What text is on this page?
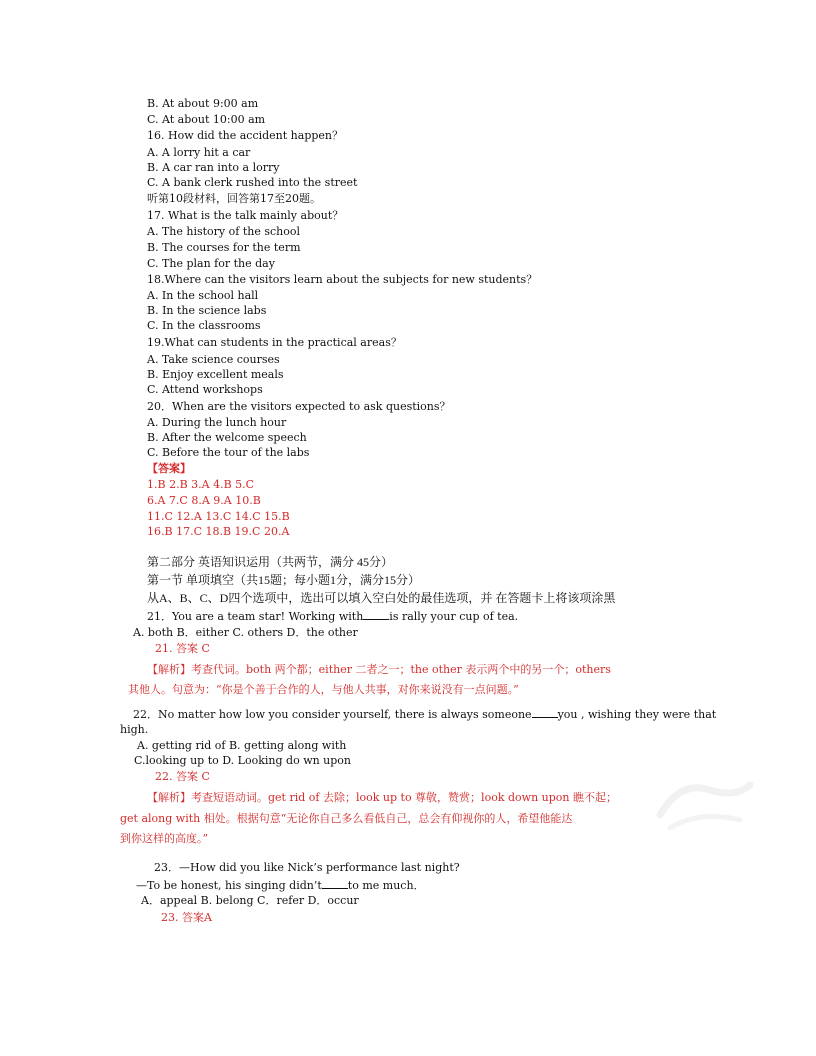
B. At about 9:00 am
C. At about 10:00 am
16. How did the accident happen？
A. A lorry hit a car
B. A car ran into a lorry
C. A bank clerk rushed into the street
听第10段材料，回答第17至20题。
17. What is the talk mainly about？
A. The history of the school
B. The courses for the term
C. The plan for the day
18.Where can the visitors learn about the subjects for new students？
A. In the school hall
B. In the science labs
C. In the classrooms
19.What can students in the practical areas？
A. Take science courses
B. Enjoy excellent meals
C. Attend workshops
20．When are the visitors expected to ask questions？
A. During the lunch hour
B. After the welcome speech
C. Before the tour of the labs
【答案】
1.B 2.B 3.A 4.B 5.C
6.A 7.C 8.A 9.A 10.B
11.C 12.A 13.C 14.C 15.B
16.B 17.C 18.B 19.C 20.A
第二部分 英语知识运用（共两节，满分 45分）
第一节 单项填空（共15题；每小题1分，满分15分）
从A、B、C、D四个选项中，选出可以填入空白处的最佳选项，并 在答题卡上将该项涂黑
21．You are a team star! Working with is rally your cup of tea.
A. both B．either C. others D．the other
21. 答案 C
【解析】考查代词。both 两个都；either 二者之一；the other 表示两个中的另一个；others
其他人。句意为：“你是个善于合作的人，与他人共事，对你来说没有一点问题。”
22．No matter how low you consider yourself, there is always someone you , wishing they were that
high.
A. getting rid of B. getting along with
C.looking up to D. Looking do wn upon
22. 答案 C
【解析】考查短语动词。get rid of 去除；look up to 尊敬，赞赏；look down upon 瞧不起；
get along with 相处。根据句意“无论你自己多么看低自己，总会有仰视你的人，希望他能达
到你这样的高度。”
23．—How did you like Nick’s performance last night?
—To be honest, his singing didn’t to me much．
A．appeal B. belong C．refer D．occur
23. 答案A
